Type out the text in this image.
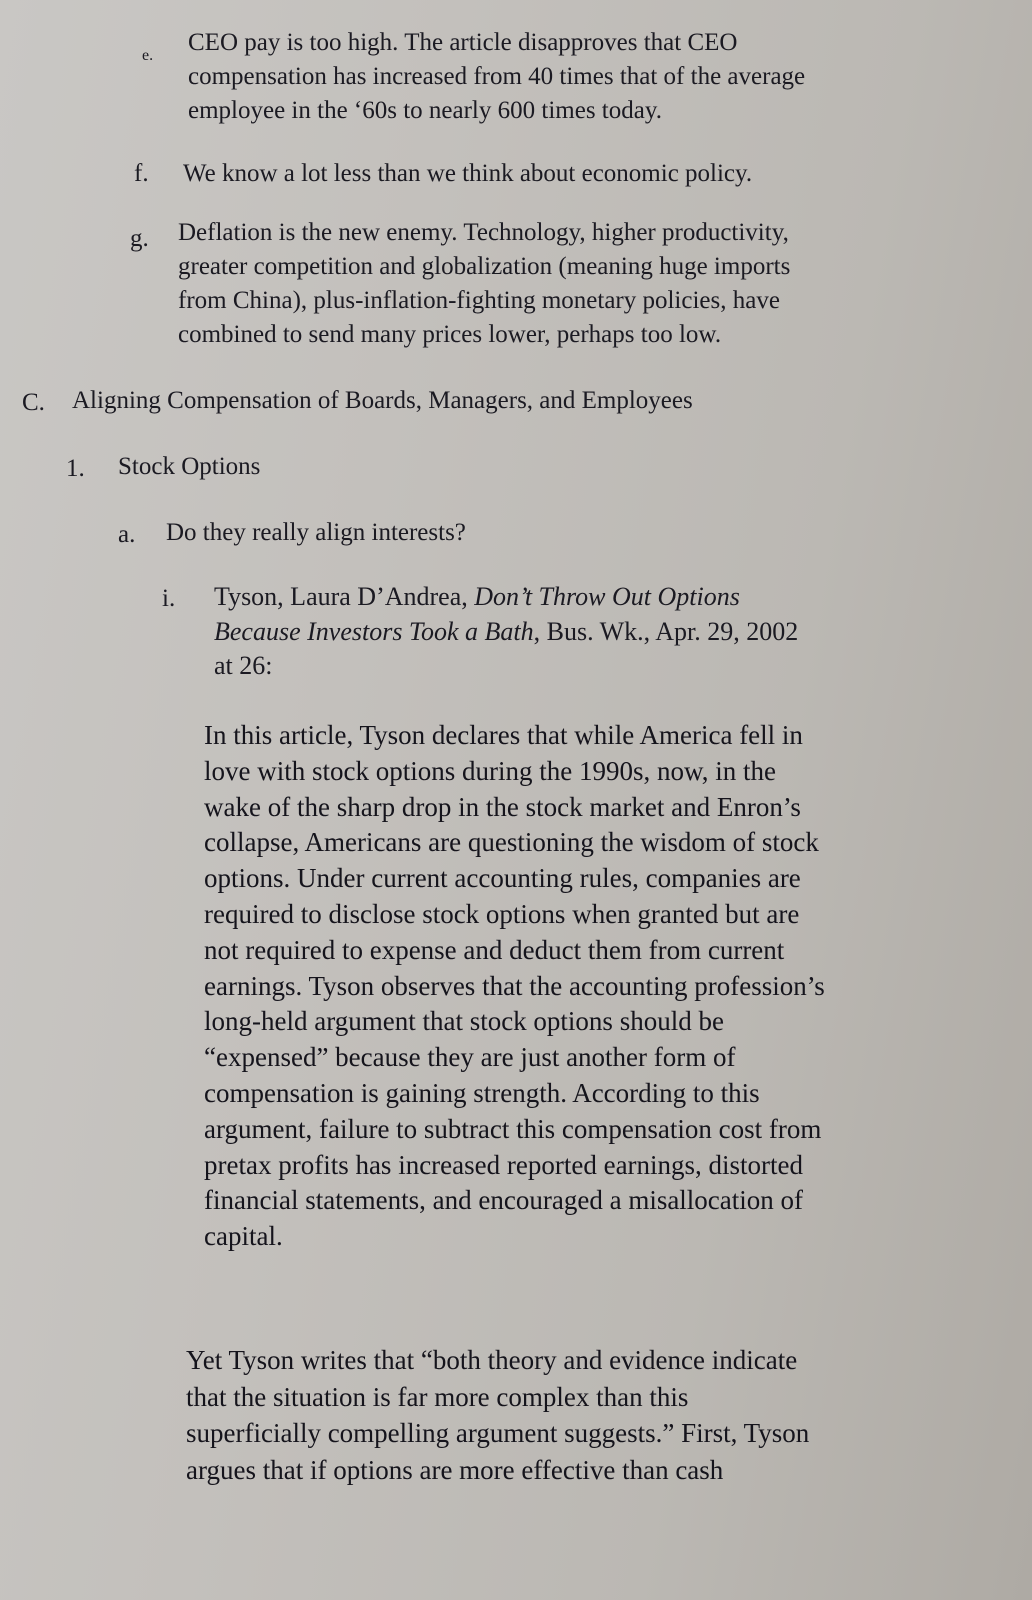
e. CEO pay is too high. The article disapproves that CEO
compensation has increased from 40 times that of the average
employee in the ‘60s to nearly 600 times today.
f. We know a lot less than we think about economic policy.
g. Deflation is the new enemy. Technology, higher productivity,
greater competition and globalization (meaning huge imports
from China), plus-inflation-fighting monetary policies, have
combined to send many prices lower, perhaps too low.
C. Aligning Compensation of Boards, Managers, and Employees
1. Stock Options
a. Do they really align interests?
i. Tyson, Laura D’Andrea, Don’t Throw Out Options
Because Investors Took a Bath, Bus. Wk., Apr. 29, 2002
at 26:
In this article, Tyson declares that while America fell in
love with stock options during the 1990s, now, in the
wake of the sharp drop in the stock market and Enron’s
collapse, Americans are questioning the wisdom of stock
options. Under current accounting rules, companies are
required to disclose stock options when granted but are
not required to expense and deduct them from current
earnings. Tyson observes that the accounting profession’s
long-held argument that stock options should be
“expensed” because they are just another form of
compensation is gaining strength. According to this
argument, failure to subtract this compensation cost from
pretax profits has increased reported earnings, distorted
financial statements, and encouraged a misallocation of
capital.
Yet Tyson writes that “both theory and evidence indicate
that the situation is far more complex than this
superficially compelling argument suggests.” First, Tyson
argues that if options are more effective than cash
